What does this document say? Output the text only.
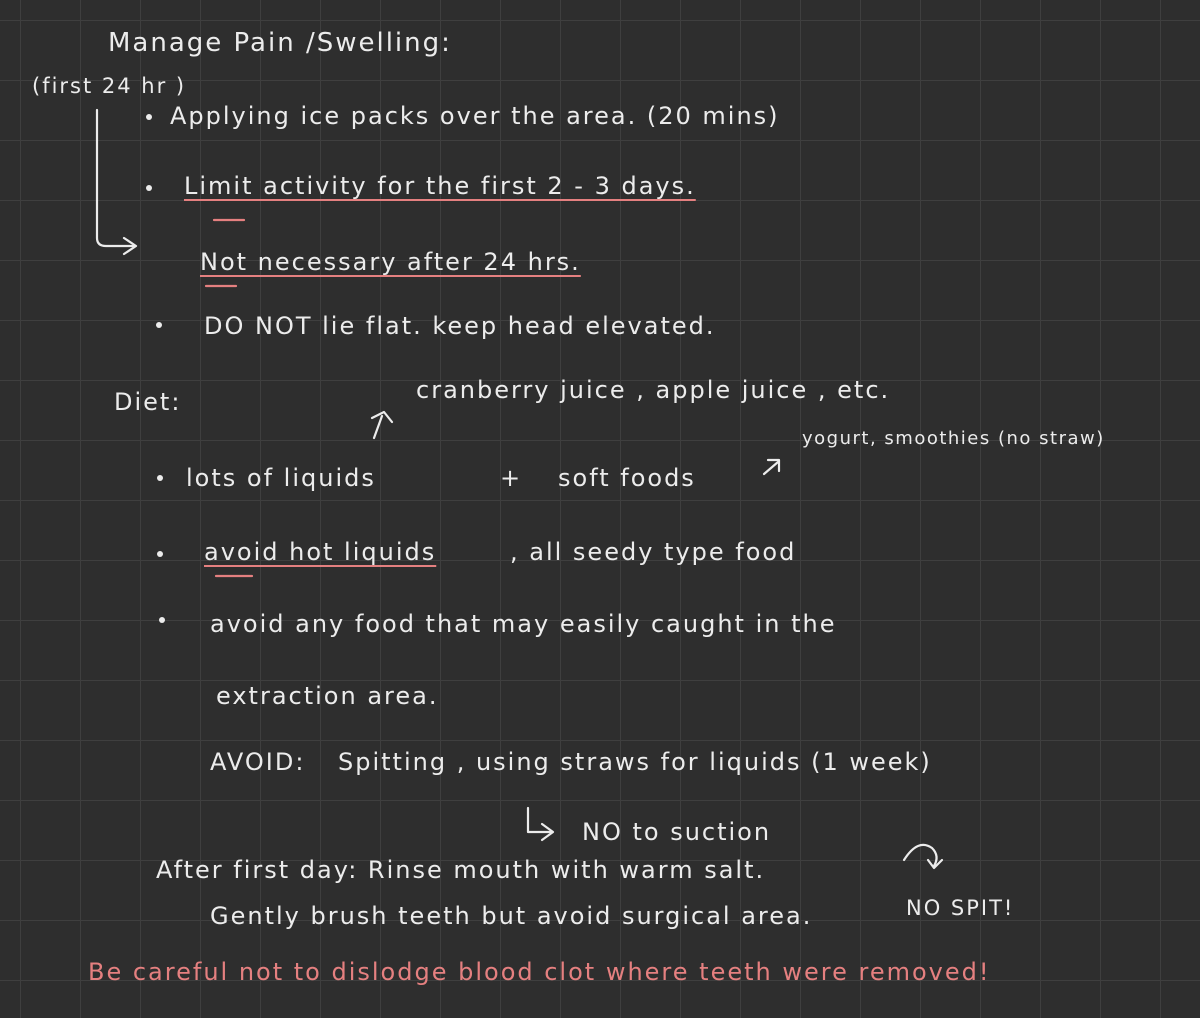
Manage Pain /Swelling:
(first 24 hr )
Applying ice packs over the area. (20 mins)
Limit activity for the first 2 - 3 days.
Not necessary after 24 hrs.
DO NOT lie flat. keep head elevated.
Diet:	cranberry juice , apple juice , etc.
yogurt, smoothies (no straw)
lots of liquids	+ soft foods
avoid hot liquids	, all seedy type food
avoid any food that may easily caught in the
extraction area.
AVOID: Spitting , using straws for liquids (1 week)
NO to suction
After first day: Rinse mouth with warm salt.
Gently brush teeth but avoid surgical area.	NO SPIT!
Be careful not to dislodge blood clot where teeth were removed!
